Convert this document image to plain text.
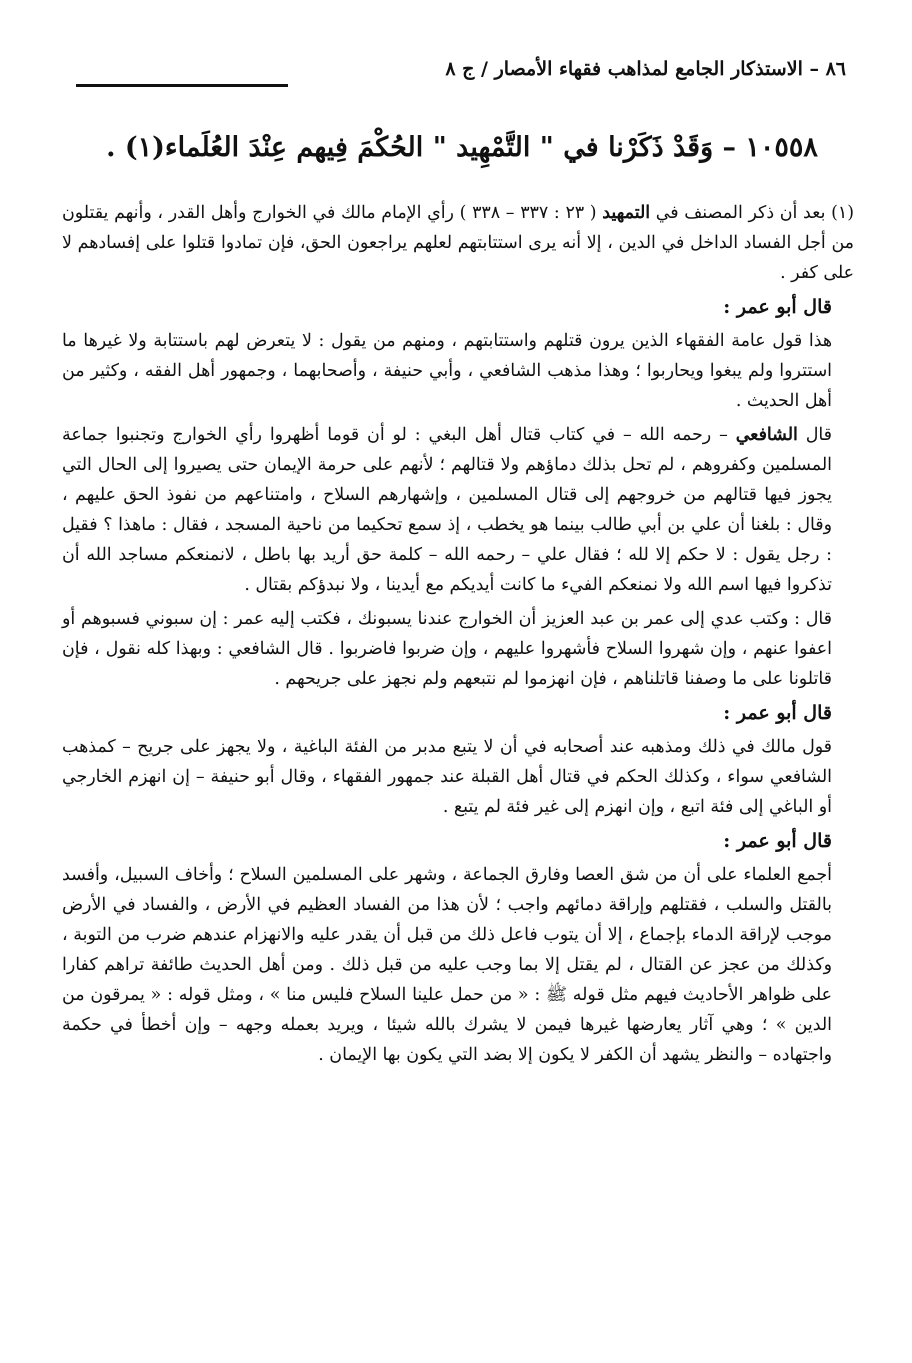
٨٦ – الاستذكار الجامع لمذاهب فقهاء الأمصار / ج ٨
١٠٥٥٨ – وَقَدْ ذَكَرْنا في " التَّمْهِيد " الحُكْمَ فِيهم عِنْدَ العُلَماء(١) .

(١) بعد أن ذكر المصنف في التمهيد ( ٢٣ : ٣٣٧ – ٣٣٨ ) رأي الإمام مالك في الخوارج وأهل القدر ، وأنهم يقتلون من أجل الفساد الداخل في الدين ، إلا أنه يرى استتابتهم لعلهم يراجعون الحق، فإن تمادوا قتلوا على إفسادهم لا على كفر .

قال أبو عمر :

هذا قول عامة الفقهاء الذين يرون قتلهم واستتابتهم ، ومنهم من يقول : لا يتعرض لهم باستتابة ولا غيرها ما استتروا ولم يبغوا ويحاربوا ؛ وهذا مذهب الشافعي ، وأبي حنيفة ، وأصحابهما ، وجمهور أهل الفقه ، وكثير من أهل الحديث .

قال الشافعي – رحمه الله – في كتاب قتال أهل البغي : لو أن قوما أظهروا رأي الخوارج وتجنبوا جماعة المسلمين وكفروهم ، لم تحل بذلك دماؤهم ولا قتالهم ؛ لأنهم على حرمة الإيمان حتى يصيروا إلى الحال التي يجوز فيها قتالهم من خروجهم إلى قتال المسلمين ، وإشهارهم السلاح ، وامتناعهم من نفوذ الحق عليهم ، وقال : بلغنا أن علي بن أبي طالب بينما هو يخطب ، إذ سمع تحكيما من ناحية المسجد ، فقال : ماهذا ؟ فقيل : رجل يقول : لا حكم إلا لله ؛ فقال علي – رحمه الله – كلمة حق أريد بها باطل ، لانمنعكم مساجد الله أن تذكروا فيها اسم الله ولا نمنعكم الفيء ما كانت أيديكم مع أيدينا ، ولا نبدؤكم بقتال .

قال : وكتب عدي إلى عمر بن عبد العزيز أن الخوارج عندنا يسبونك ، فكتب إليه عمر : إن سبوني فسبوهم أو اعفوا عنهم ، وإن شهروا السلاح فأشهروا عليهم ، وإن ضربوا فاضربوا . قال الشافعي : وبهذا كله نقول ، فإن قاتلونا على ما وصفنا قاتلناهم ، فإن انهزموا لم نتبعهم ولم نجهز على جريحهم .

قال أبو عمر :

قول مالك في ذلك ومذهبه عند أصحابه في أن لا يتبع مدبر من الفئة الباغية ، ولا يجهز على جريح – كمذهب الشافعي سواء ، وكذلك الحكم في قتال أهل القبلة عند جمهور الفقهاء ، وقال أبو حنيفة – إن انهزم الخارجي أو الباغي إلى فئة اتبع ، وإن انهزم إلى غير فئة لم يتبع .

قال أبو عمر :

أجمع العلماء على أن من شق العصا وفارق الجماعة ، وشهر على المسلمين السلاح ؛ وأخاف السبيل، وأفسد بالقتل والسلب ، فقتلهم وإراقة دمائهم واجب ؛ لأن هذا من الفساد العظيم في الأرض ، والفساد في الأرض موجب لإراقة الدماء بإجماع ، إلا أن يتوب فاعل ذلك من قبل أن يقدر عليه والانهزام عندهم ضرب من التوبة ، وكذلك من عجز عن القتال ، لم يقتل إلا بما وجب عليه من قبل ذلك . ومن أهل الحديث طائفة تراهم كفارا على ظواهر الأحاديث فيهم مثل قوله ﷺ : « من حمل علينا السلاح فليس منا » ، ومثل قوله : « يمرقون من الدين » ؛ وهي آثار يعارضها غيرها فيمن لا يشرك بالله شيئا ، ويريد بعمله وجهه – وإن أخطأ في حكمة واجتهاده – والنظر يشهد أن الكفر لا يكون إلا بضد التي يكون بها الإيمان .
